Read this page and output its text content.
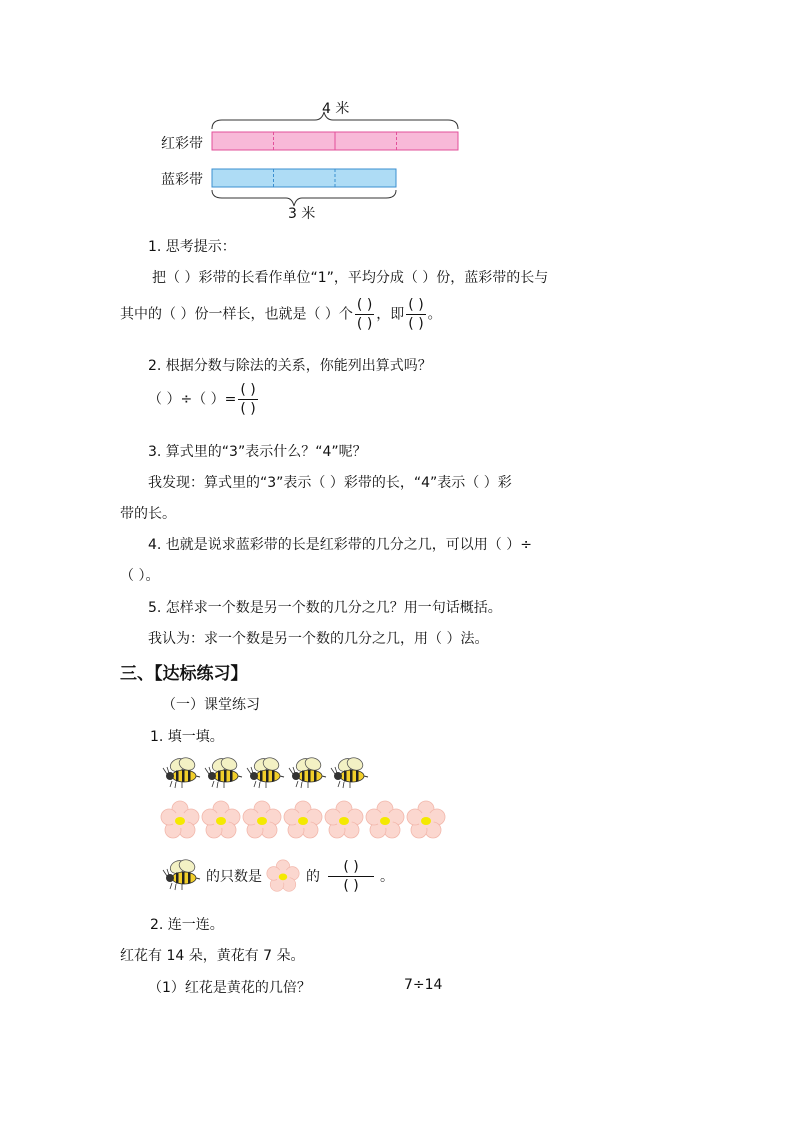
4 米
红彩带
蓝彩带
3 米
1. 思考提示：
把（ ）彩带的长看作单位“1”，平均分成（ ）份，蓝彩带的长与
其中的（ ）份一样长，也就是（ ）个 $\frac{( )}{( )}$ ，即 $\frac{( )}{( )}$ 。
2. 根据分数与除法的关系，你能列出算式吗？
（ ）÷（ ）= $\frac{( )}{( )}$
3. 算式里的“3”表示什么？“4”呢？
我发现：算式里的“3”表示（ ）彩带的长，“4”表示（ ）彩
带的长。
4. 也就是说求蓝彩带的长是红彩带的几分之几，可以用（ ）÷
（ ）。
5. 怎样求一个数是另一个数的几分之几？用一句话概括。
我认为：求一个数是另一个数的几分之几，用（ ）法。
三、【达标练习】
（一）课堂练习
1. 填一填。
的只数是	的 $\frac{( )}{( )}$ 。
2. 连一连。
红花有 14 朵，黄花有 7 朵。
（1）红花是黄花的几倍？	7÷14
